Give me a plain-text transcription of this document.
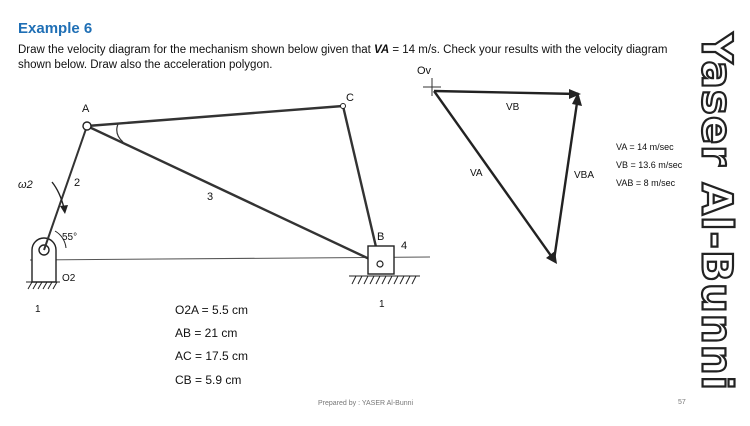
Example 6
Draw the velocity diagram for the mechanism shown below given that VA = 14 m/s. Check your results with the velocity diagram shown below. Draw also the acceleration polygon.
A
C
B
2
3
4
ω2
55°
O2
1	1
O2A = 5.5 cm
AB = 21 cm
AC = 17.5 cm
CB = 5.9 cm
Ov
VB
VA	VBA
VA = 14 m/sec
VB = 13.6 m/sec
VAB = 8 m/sec Yaser Al-Bunni
Prepared by : YASER Al-Bunni	57
